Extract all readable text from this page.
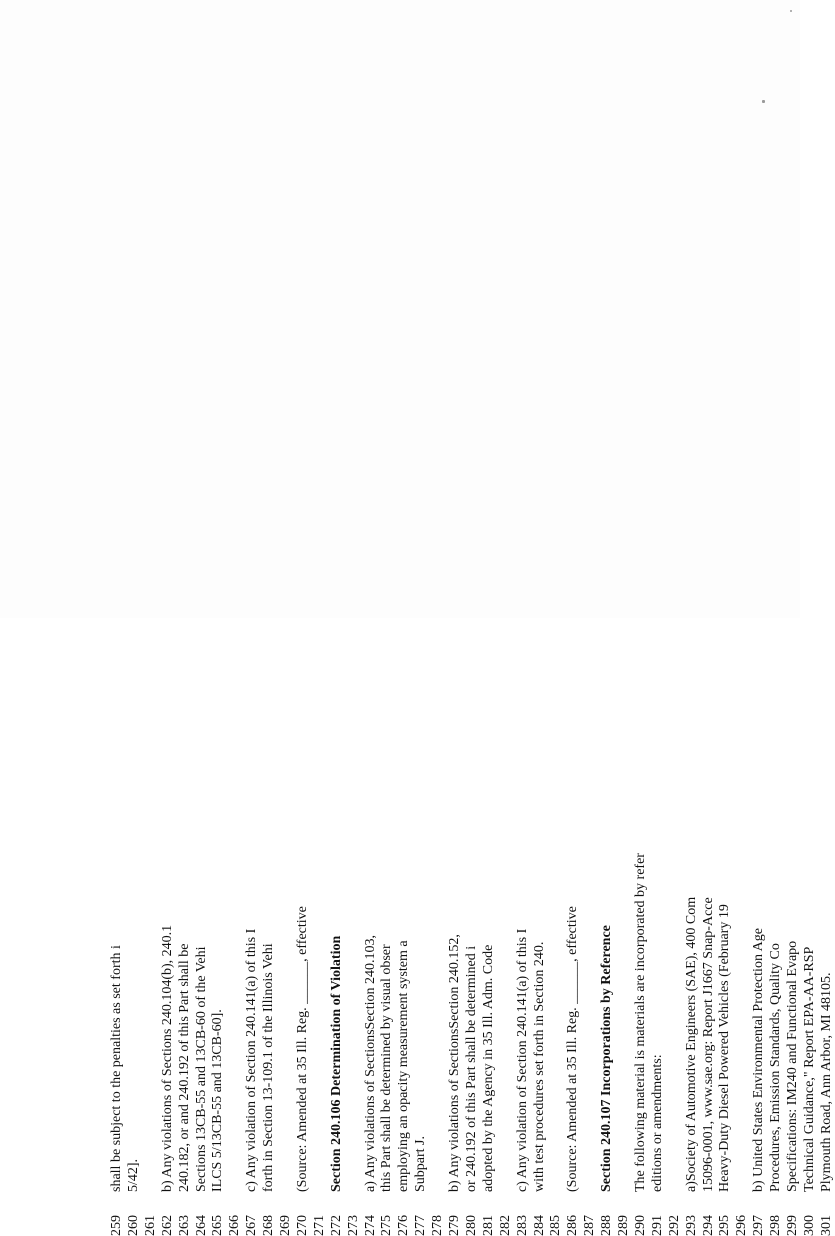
259
shall be subject to the penalties as set forth i
260
5/42].
261 262
b) Any violations of Sections 240.104(b), 240.1
263
240.182, or and 240.192 of this Part shall be
264
Sections 13CB-55 and 13CB-60 of the Vehi
265
ILCS 5/13CB-55 and 13CB-60].
266 267
c) Any violation of Section 240.141(a) of this I
268
forth in Section 13-109.1 of the Illinois Vehi
269 270
(Source: Amended at 35 Ill. Reg. ______, effective
271 272
Section 240.106 Determination of Violation
273 274
a) Any violations of SectionsSection 240.103,
275
this Part shall be determined by visual obser
276
employing an opacity measurement system a
277
Subpart J.
278 279
b) Any violations of SectionsSection 240.152,
280
or 240.192 of this Part shall be determined i
281
adopted by the Agency in 35 Ill. Adm. Code
282 283
c) Any violation of Section 240.141(a) of this I
284
with test procedures set forth in Section 240.
285 286
(Source: Amended at 35 Ill. Reg. ______, effective
287 288
Section 240.107 Incorporations by Reference
289 290
The following material is materials are incorporated by refer
291
editions or amendments:
292 293
a)Society of Automotive Engineers (SAE), 400 Com
294
15096-0001, www.sae.org: Report J1667 Snap-Acce
295
Heavy-Duty Diesel Powered Vehicles (February 19
296 297
b) United States Environmental Protection Age
298
Procedures, Emission Standards, Quality Co
299
Specifications: IM240 and Functional Evapo
300
Technical Guidance," Report EPA-AA-RSP
301
Plymouth Road, Ann Arbor, MI 48105.
